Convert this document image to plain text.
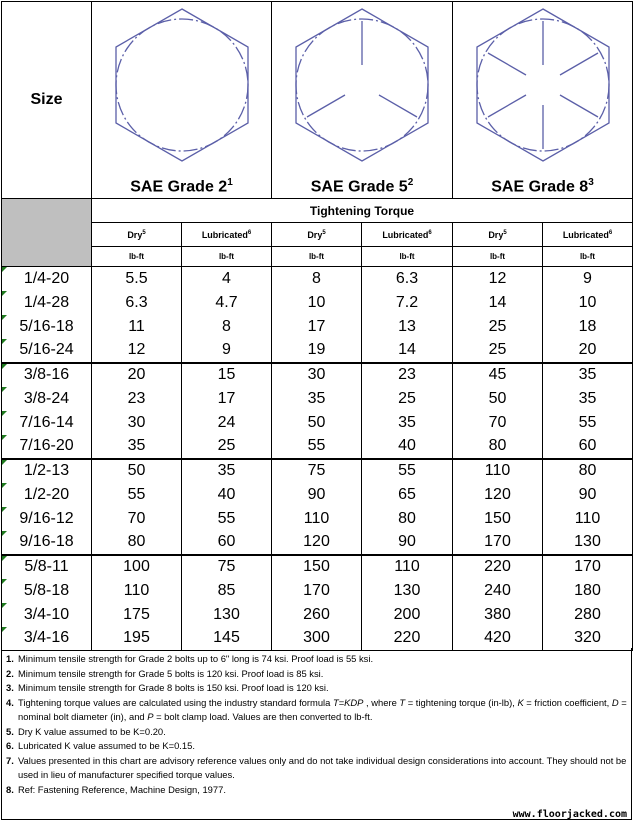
Size	SAE Grade $2^1$		SAE Grade $5^2$		SAE Grade $8^3$

	Tightening Torque					
	Dry$^5$	Lubricated$^6$	Dry$^5$	Lubricated$^6$	Dry$^5$	Lubricated$^6$
	lb-ft	lb-ft	lb-ft	lb-ft	lb-ft	lb-ft
1/4-20	5.5	4	8	6.3	12	9
1/4-28	6.3	4.7	10	7.2	14	10
5/16-18	11	8	17	13	25	18
5/16-24	12	9	19	14	25	20
3/8-16	20	15	30	23	45	35
3/8-24	23	17	35	25	50	35
7/16-14	30	24	50	35	70	55
7/16-20	35	25	55	40	80	60
1/2-13	50	35	75	55	110	80
1/2-20	55	40	90	65	120	90
9/16-12	70	55	110	80	150	110
9/16-18	80	60	120	90	170	130
5/8-11	100	75	150	110	220	170
5/8-18	110	85	170	130	240	180
3/4-10	175	130	260	200	380	280
3/4-16	195	145	300	220	420	320
1. Minimum tensile strength for Grade 2 bolts up to 6" long is 74 ksi. Proof load is 55 ksi.
2. Minimum tensile strength for Grade 5 bolts is 120 ksi. Proof load is 85 ksi.
3. Minimum tensile strength for Grade 8 bolts is 150 ksi. Proof load is 120 ksi.
4. Tightening torque values are calculated using the industry standard formula T=KDP , where T = tightening torque (in-lb), K = friction coefficient, D = nominal bolt diameter (in), and P = bolt clamp load. Values are then converted to lb-ft.
5. Dry K value assumed to be K=0.20.
6. Lubricated K value assumed to be K=0.15.
7. Values presented in this chart are advisory reference values only and do not take individual design considerations into account. They should not be used in lieu of manufacturer specified torque values.
8. Ref: Fastening Reference, Machine Design, 1977.
www.floorjacked.com
